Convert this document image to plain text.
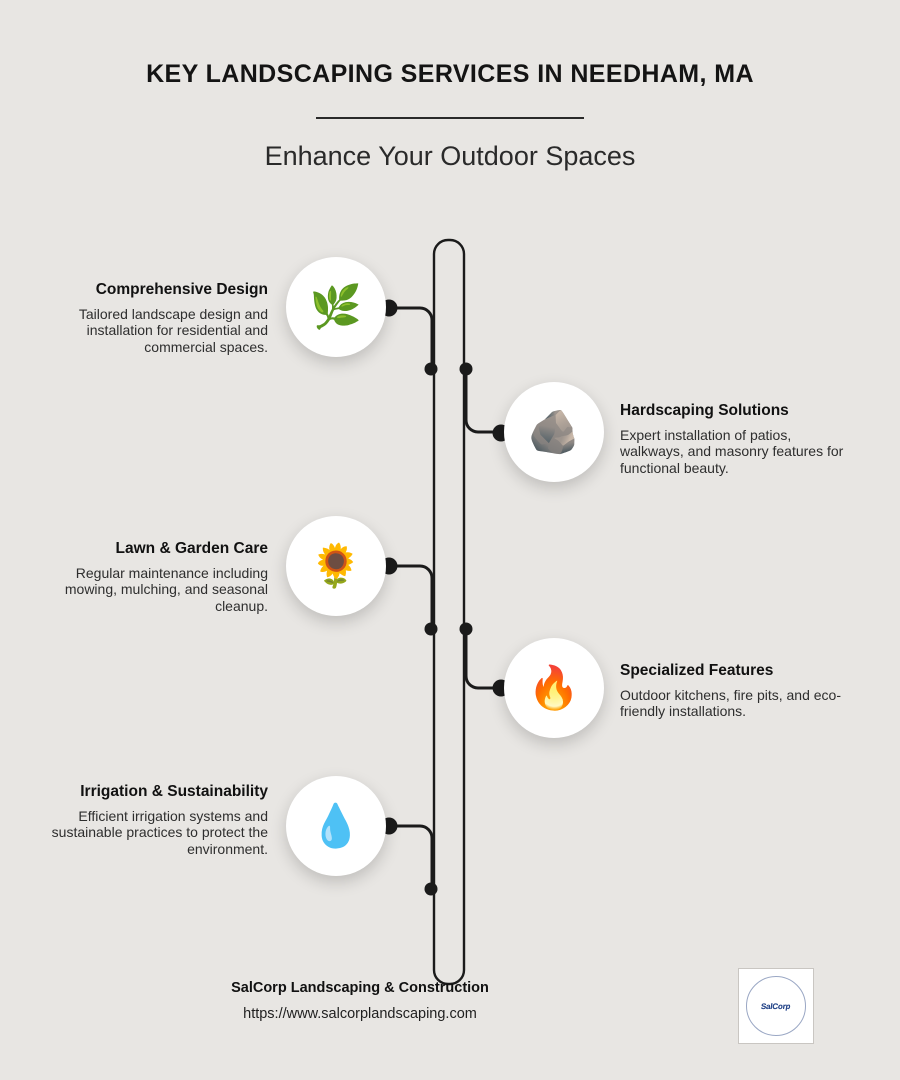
KEY LANDSCAPING SERVICES IN NEEDHAM, MA
Enhance Your Outdoor Spaces
🌿
Comprehensive Design
Tailored landscape design and installation for residential and commercial spaces.
🪨	Hardscaping Solutions
Expert installation of patios, walkways, and masonry features for functional beauty.
🌻
Lawn & Garden Care
Regular maintenance including mowing, mulching, and seasonal cleanup.
🔥	Specialized Features
Outdoor kitchens, fire pits, and eco-friendly installations.
💧
Irrigation & Sustainability
Efficient irrigation systems and sustainable practices to protect the environment.
SalCorp Landscaping & Construction
https://www.salcorplandscaping.com	SalCorp
